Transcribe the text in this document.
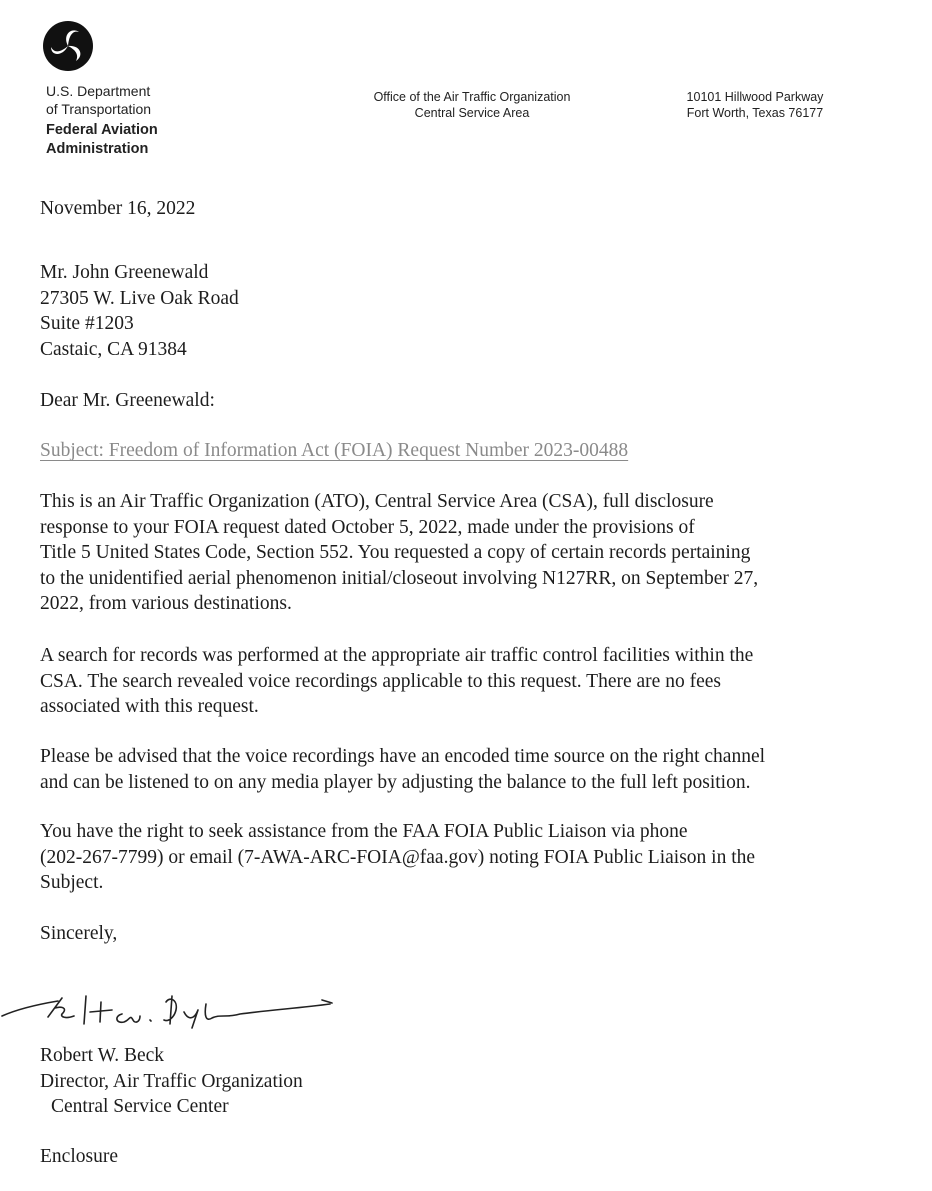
U.S. Department
of Transportation
Federal Aviation
Administration
Office of the Air Traffic Organization
Central Service Area
10101 Hillwood Parkway
Fort Worth, Texas 76177
November 16, 2022
Mr. John Greenewald
27305 W. Live Oak Road
Suite #1203
Castaic, CA 91384
Dear Mr. Greenewald:
Subject: Freedom of Information Act (FOIA) Request Number 2023-00488
This is an Air Traffic Organization (ATO), Central Service Area (CSA), full disclosure
response to your FOIA request dated October 5, 2022, made under the provisions of
Title 5 United States Code, Section 552. You requested a copy of certain records pertaining
to the unidentified aerial phenomenon initial/closeout involving N127RR, on September 27,
2022, from various destinations.
A search for records was performed at the appropriate air traffic control facilities within the
CSA. The search revealed voice recordings applicable to this request. There are no fees
associated with this request.
Please be advised that the voice recordings have an encoded time source on the right channel
and can be listened to on any media player by adjusting the balance to the full left position.
You have the right to seek assistance from the FAA FOIA Public Liaison via phone
(202-267-7799) or email (7-AWA-ARC-FOIA@faa.gov) noting FOIA Public Liaison in the
Subject.
Sincerely,
Robert W. Beck
Director, Air Traffic Organization
Central Service Center
Enclosure
